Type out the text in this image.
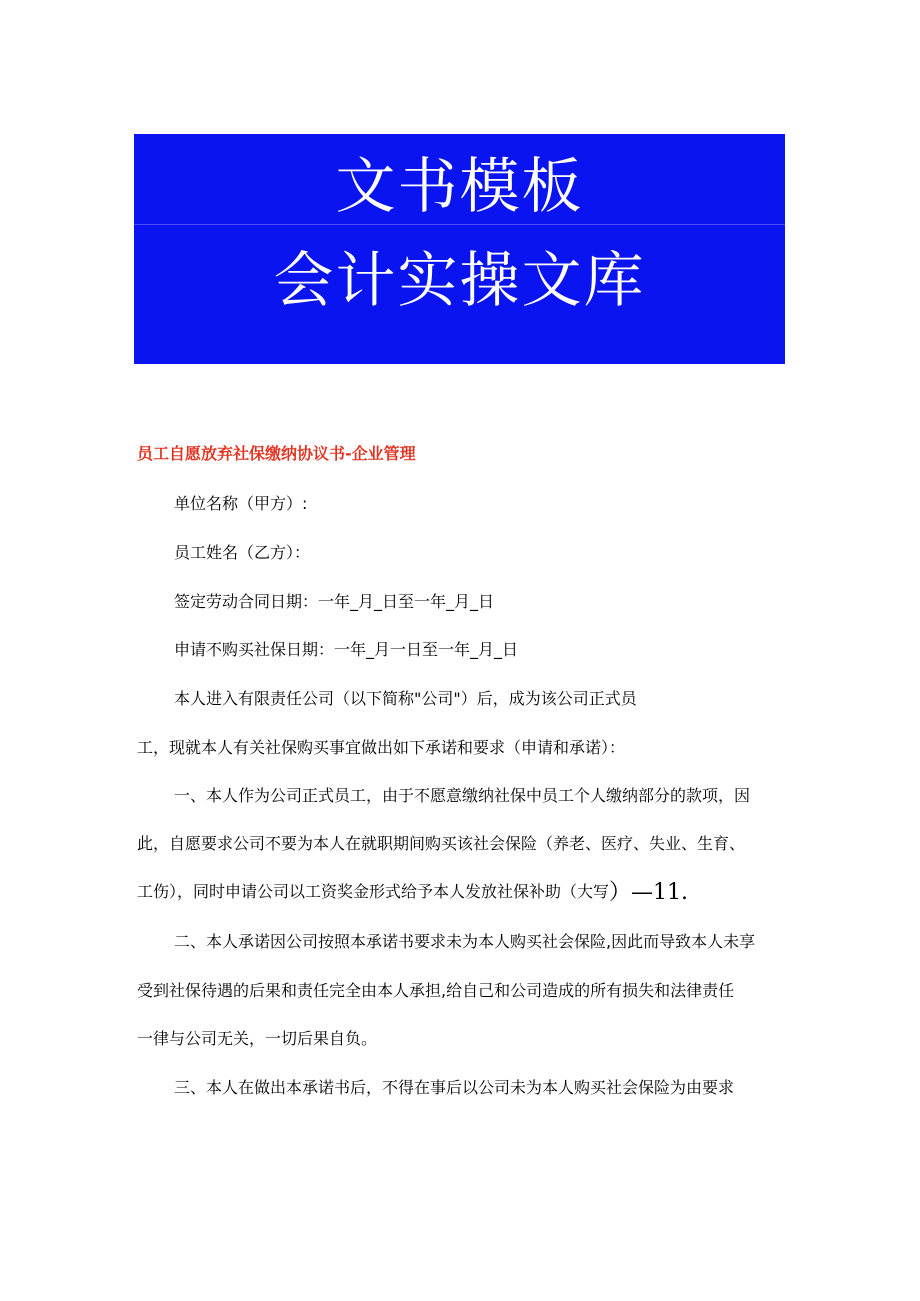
文书模板
会计实操文库
员工自愿放弃社保缴纳协议书-企业管理
单位名称（甲方）:
员工姓名（乙方）：
签定劳动合同日期：一年_月_日至一年_月_日
申请不购买社保日期：一年_月一日至一年_月_日
本人进入有限责任公司（以下简称"公司"）后，成为该公司正式员
工，现就本人有关社保购买事宜做出如下承诺和要求（申请和承诺）：
一、本人作为公司正式员工，由于不愿意缴纳社保中员工个人缴纳部分的款项，因
此，自愿要求公司不要为本人在就职期间购买该社会保险（养老、医疗、失业、生育、
工伤），同时申请公司以工资奖金形式给予本人发放社保补助（大写）—11.
二、本人承诺因公司按照本承诺书要求未为本人购买社会保险,因此而导致本人未享
受到社保待遇的后果和责任完全由本人承担,给自己和公司造成的所有损失和法律责任
一律与公司无关，一切后果自负。
三、本人在做出本承诺书后，不得在事后以公司未为本人购买社会保险为由要求
